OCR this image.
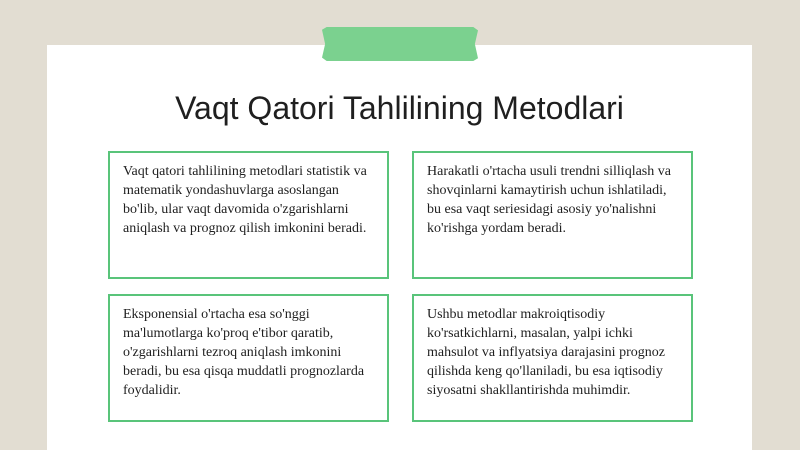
Vaqt Qatori Tahlilining Metodlari
Vaqt qatori tahlilining metodlari statistik va matematik yondashuvlarga asoslangan bo'lib, ular vaqt davomida o'zgarishlarni aniqlash va prognoz qilish imkonini beradi.
Harakatli o'rtacha usuli trendni silliqlash va shovqinlarni kamaytirish uchun ishlatiladi, bu esa vaqt seriesidagi asosiy yo'nalishni ko'rishga yordam beradi.
Eksponensial o'rtacha esa so'nggi ma'lumotlarga ko'proq e'tibor qaratib, o'zgarishlarni tezroq aniqlash imkonini beradi, bu esa qisqa muddatli prognozlarda foydalidir.
Ushbu metodlar makroiqtisodiy ko'rsatkichlarni, masalan, yalpi ichki mahsulot va inflyatsiya darajasini prognoz qilishda keng qo'llaniladi, bu esa iqtisodiy siyosatni shakllantirishda muhimdir.
